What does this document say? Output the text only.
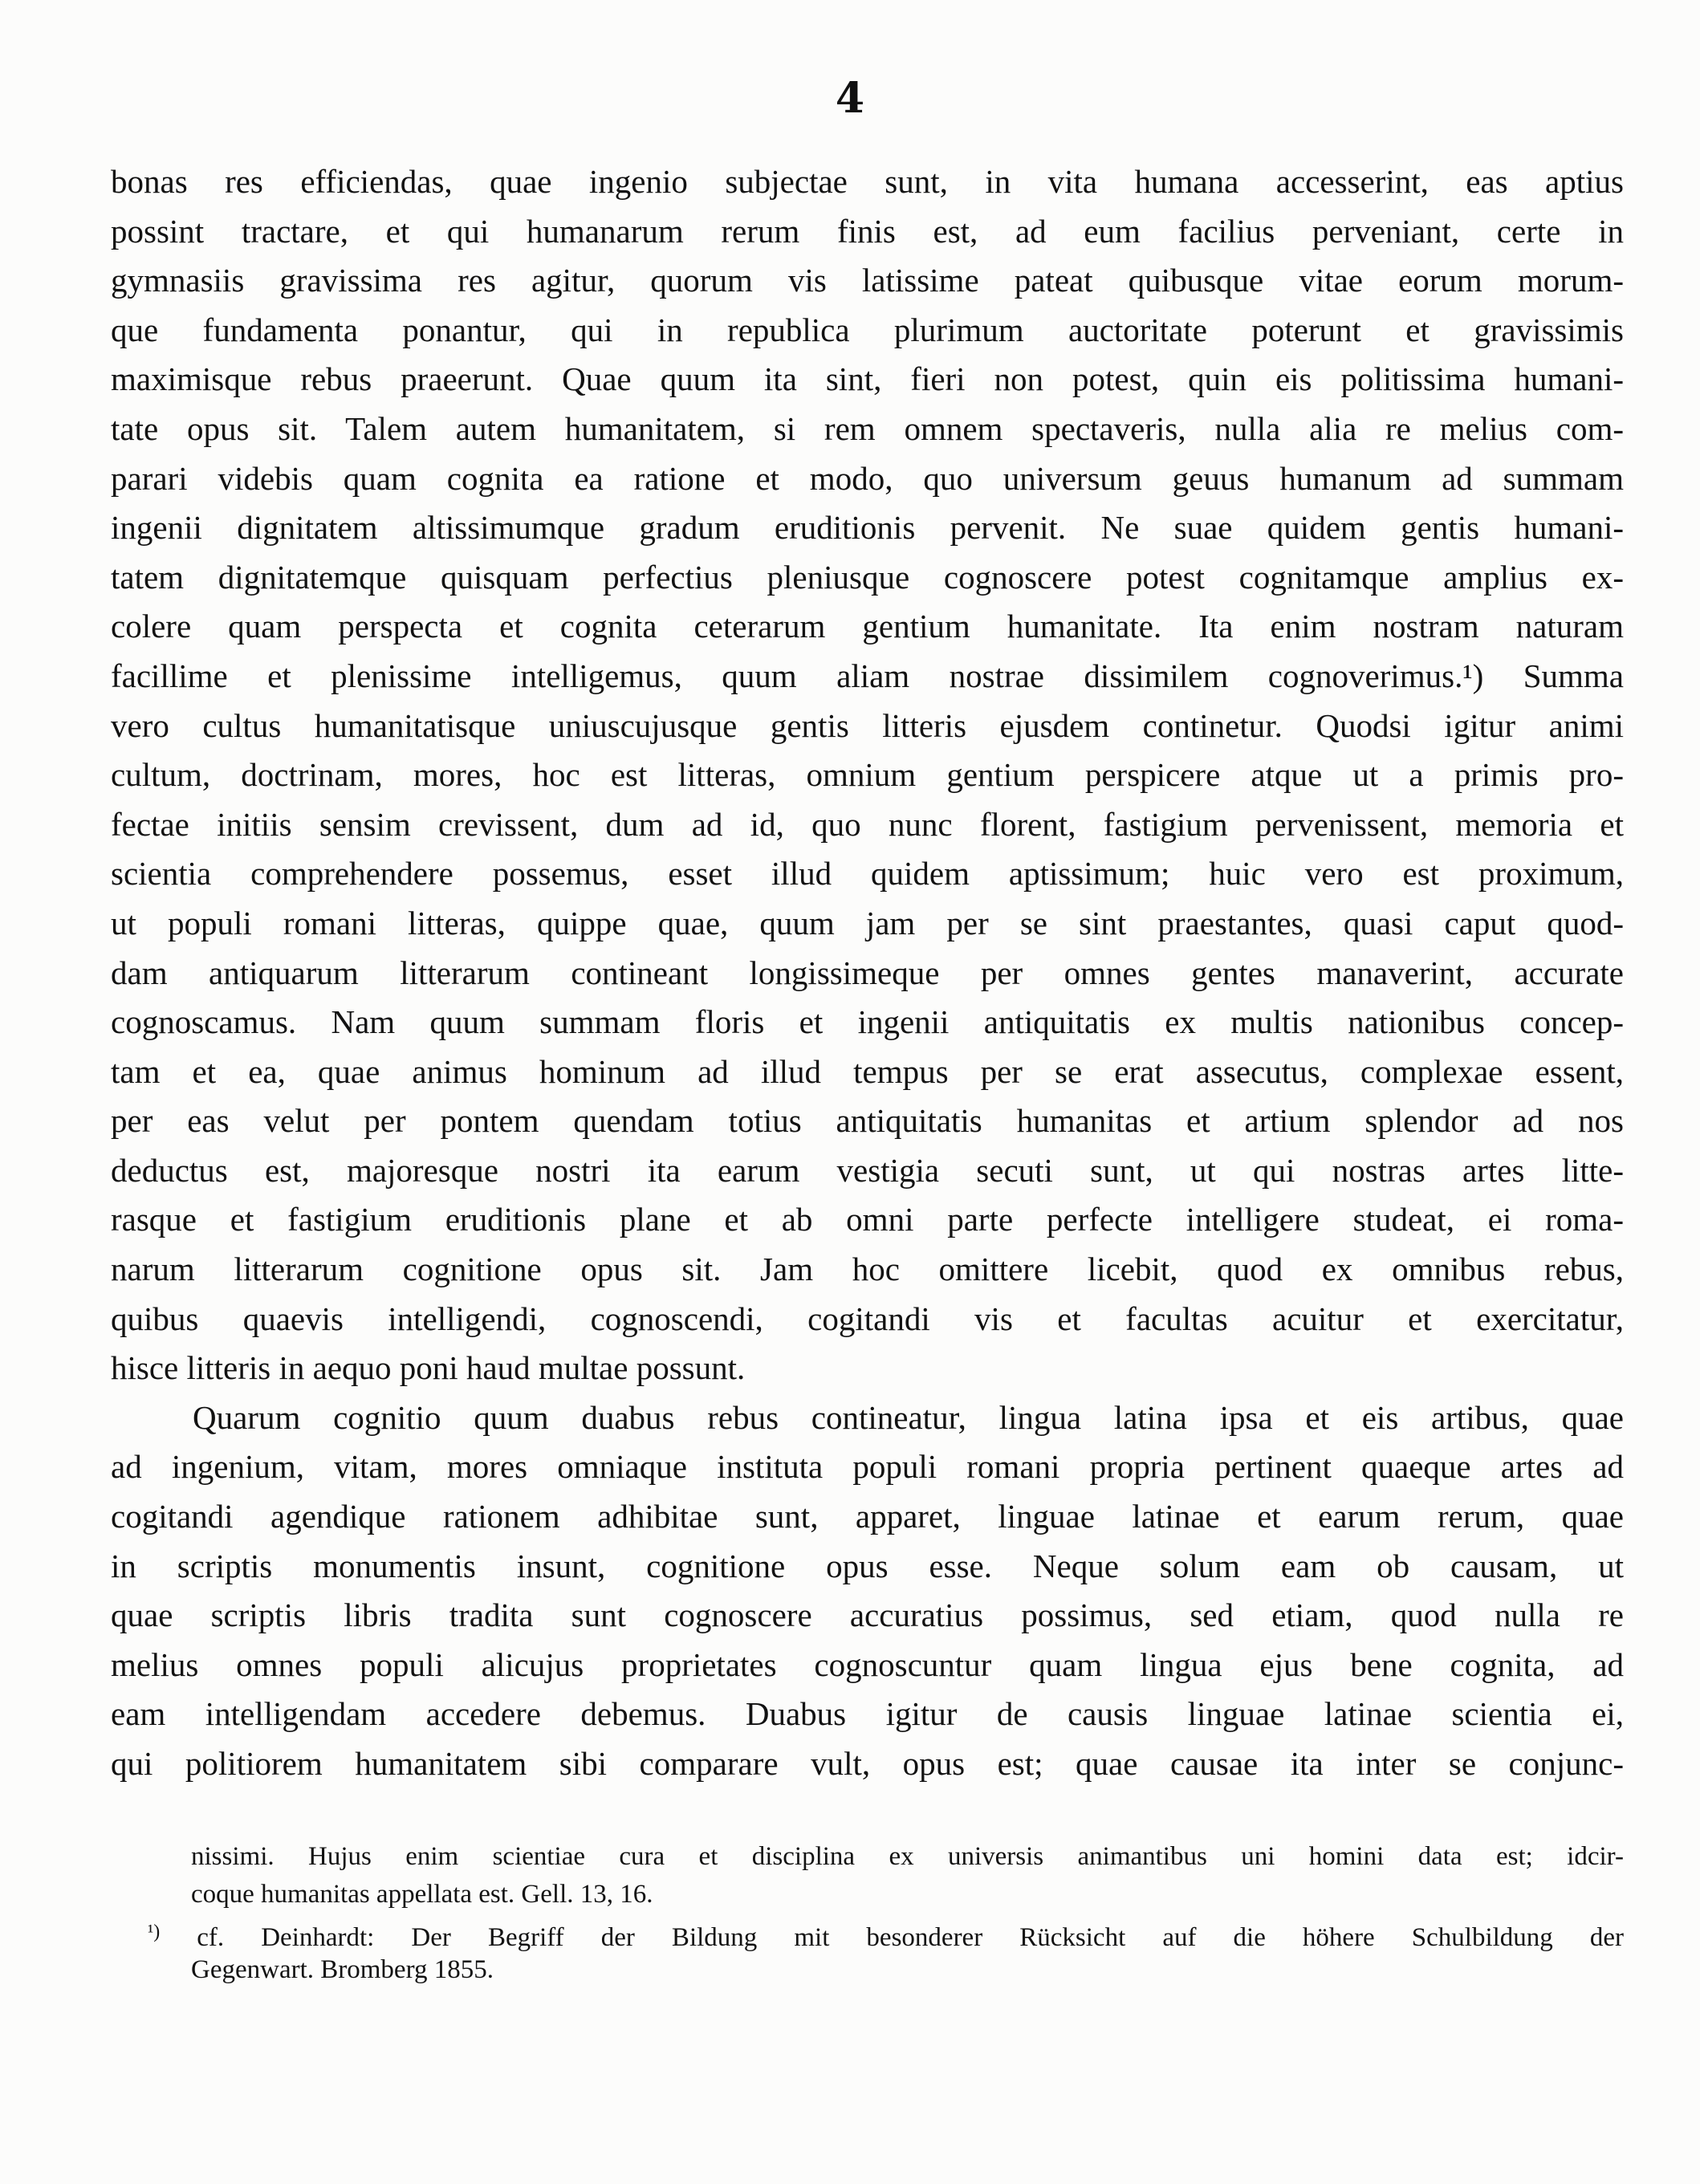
4
bonas res efficiendas, quae ingenio subjectae sunt, in vita humana accesserint, eas aptius
possint tractare, et qui humanarum rerum finis est, ad eum facilius perveniant, certe in
gymnasiis gravissima res agitur, quorum vis latissime pateat quibusque vitae eorum morum-
que fundamenta ponantur, qui in republica plurimum auctoritate poterunt et gravissimis
maximisque rebus praeerunt. Quae quum ita sint, fieri non potest, quin eis politissima humani-
tate opus sit. Talem autem humanitatem, si rem omnem spectaveris, nulla alia re melius com-
parari videbis quam cognita ea ratione et modo, quo universum geuus humanum ad summam
ingenii dignitatem altissimumque gradum eruditionis pervenit. Ne suae quidem gentis humani-
tatem dignitatemque quisquam perfectius pleniusque cognoscere potest cognitamque amplius ex-
colere quam perspecta et cognita ceterarum gentium humanitate. Ita enim nostram naturam
facillime et plenissime intelligemus, quum aliam nostrae dissimilem cognoverimus.¹) Summa
vero cultus humanitatisque uniuscujusque gentis litteris ejusdem continetur. Quodsi igitur animi
cultum, doctrinam, mores, hoc est litteras, omnium gentium perspicere atque ut a primis pro-
fectae initiis sensim crevissent, dum ad id, quo nunc florent, fastigium pervenissent, memoria et
scientia comprehendere possemus, esset illud quidem aptissimum; huic vero est proximum,
ut populi romani litteras, quippe quae, quum jam per se sint praestantes, quasi caput quod-
dam antiquarum litterarum contineant longissimeque per omnes gentes manaverint, accurate
cognoscamus. Nam quum summam floris et ingenii antiquitatis ex multis nationibus concep-
tam et ea, quae animus hominum ad illud tempus per se erat assecutus, complexae essent,
per eas velut per pontem quendam totius antiquitatis humanitas et artium splendor ad nos
deductus est, majoresque nostri ita earum vestigia secuti sunt, ut qui nostras artes litte-
rasque et fastigium eruditionis plane et ab omni parte perfecte intelligere studeat, ei roma-
narum litterarum cognitione opus sit. Jam hoc omittere licebit, quod ex omnibus rebus,
quibus quaevis intelligendi, cognoscendi, cogitandi vis et facultas acuitur et exercitatur,
hisce litteris in aequo poni haud multae possunt.
Quarum cognitio quum duabus rebus contineatur, lingua latina ipsa et eis artibus, quae
ad ingenium, vitam, mores omniaque instituta populi romani propria pertinent quaeque artes ad
cogitandi agendique rationem adhibitae sunt, apparet, linguae latinae et earum rerum, quae
in scriptis monumentis insunt, cognitione opus esse. Neque solum eam ob causam, ut
quae scriptis libris tradita sunt cognoscere accuratius possimus, sed etiam, quod nulla re
melius omnes populi alicujus proprietates cognoscuntur quam lingua ejus bene cognita, ad
eam intelligendam accedere debemus. Duabus igitur de causis linguae latinae scientia ei,
qui politiorem humanitatem sibi comparare vult, opus est; quae causae ita inter se conjunc-
nissimi. Hujus enim scientiae cura et disciplina ex universis animantibus uni homini data est; idcir-
coque humanitas appellata est. Gell. 13, 16.
$^{^1)}$ cf. Deinhardt: Der Begriff der Bildung mit besonderer Rücksicht auf die höhere Schulbildung der
Gegenwart. Bromberg 1855.
